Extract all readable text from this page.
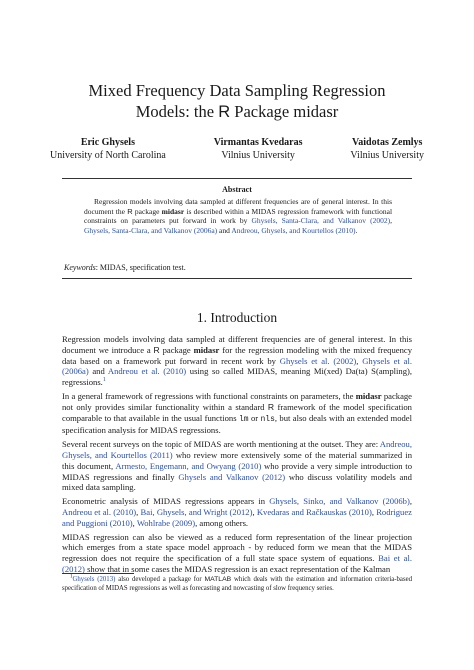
Mixed Frequency Data Sampling Regression
Models: the R Package midasr
Eric Ghysels
University of North Carolina
Virmantas Kvedaras
Vilnius University
Vaidotas Zemlys
Vilnius University
Abstract
Regression models involving data sampled at different frequencies are of general interest. In this document the R package midasr is described within a MIDAS regression framework with functional constraints on parameters put forward in work by Ghysels, Santa-Clara, and Valkanov (2002), Ghysels, Santa-Clara, and Valkanov (2006a) and Andreou, Ghysels, and Kourtellos (2010).
Keywords: MIDAS, specification test.
1. Introduction

Regression models involving data sampled at different frequencies are of general interest. In this document we introduce a R package midasr for the regression modeling with the mixed frequency data based on a framework put forward in recent work by Ghysels et al. (2002), Ghysels et al. (2006a) and Andreou et al. (2010) using so called MIDAS, meaning Mi(xed) Da(ta) S(ampling), regressions.$^1$

In a general framework of regressions with functional constraints on parameters, the midasr package not only provides similar functionality within a standard R framework of the model specification comparable to that available in the usual functions lm or nls, but also deals with an extended model specification analysis for MIDAS regressions.

Several recent surveys on the topic of MIDAS are worth mentioning at the outset. They are: Andreou, Ghysels, and Kourtellos (2011) who review more extensively some of the material summarized in this document, Armesto, Engemann, and Owyang (2010) who provide a very simple introduction to MIDAS regressions and finally Ghysels and Valkanov (2012) who discuss volatility models and mixed data sampling.

Econometric analysis of MIDAS regressions appears in Ghysels, Sinko, and Valkanov (2006b), Andreou et al. (2010), Bai, Ghysels, and Wright (2012), Kvedaras and Račkauskas (2010), Rodriguez and Puggioni (2010), Wohlrabe (2009), among others.

MIDAS regression can also be viewed as a reduced form representation of the linear projection which emerges from a state space model approach - by reduced form we mean that the MIDAS regression does not require the specification of a full state space system of equations. Bai et al. (2012) show that in some cases the MIDAS regression is an exact representation of the Kalman

$^1$Ghysels (2013) also developed a package for MATLAB which deals with the estimation and information criteria-based specification of MIDAS regressions as well as forecasting and nowcasting of slow frequency series.
